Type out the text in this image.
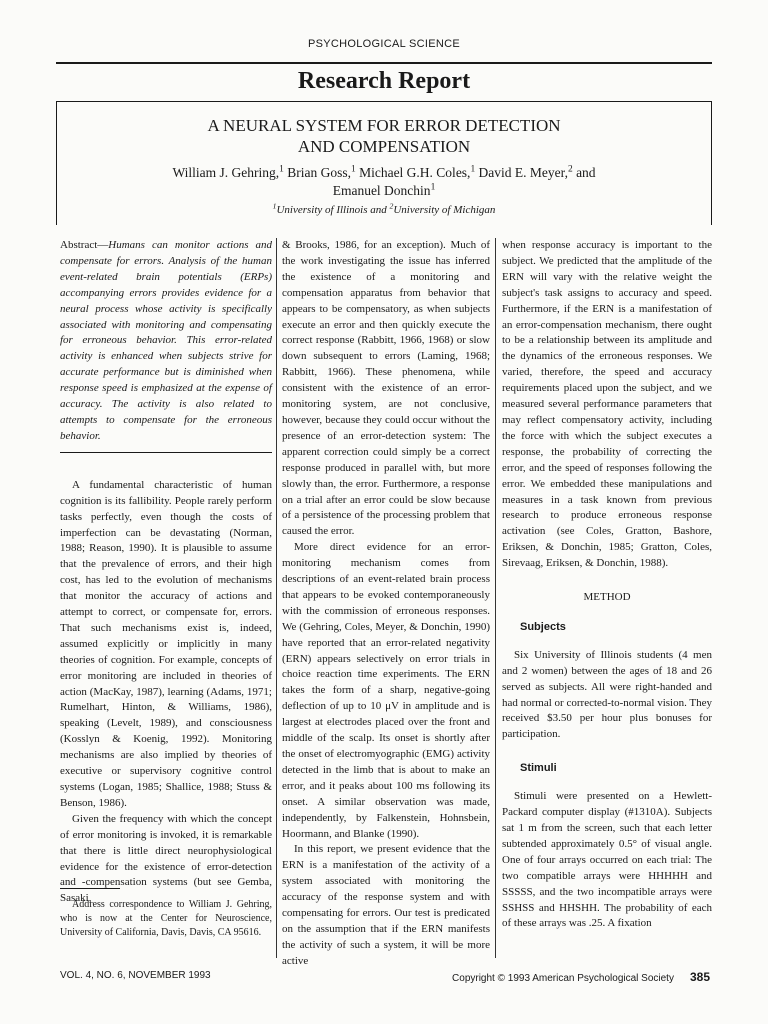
PSYCHOLOGICAL SCIENCE
Research Report
A NEURAL SYSTEM FOR ERROR DETECTION
AND COMPENSATION
William J. Gehring,$^1$ Brian Goss,$^1$ Michael G.H. Coles,$^1$ David E. Meyer,$^2$ and
Emanuel Donchin$^1$
$^1$University of Illinois and $^2$University of Michigan

Abstract—Humans can monitor actions and compensate for errors. Analysis of the human event-related brain potentials (ERPs) accompanying errors provides evidence for a neural process whose activity is specifically associated with monitoring and compensating for erroneous behavior. This error-related activity is enhanced when subjects strive for accurate performance but is diminished when response speed is emphasized at the expense of accuracy. The activity is also related to attempts to compensate for the erroneous behavior.

A fundamental characteristic of human cognition is its fallibility. People rarely perform tasks perfectly, even though the costs of imperfection can be devastating (Norman, 1988; Reason, 1990). It is plausible to assume that the prevalence of errors, and their high cost, has led to the evolution of mechanisms that monitor the accuracy of actions and attempt to correct, or compensate for, errors. That such mechanisms exist is, indeed, assumed explicitly or implicitly in many theories of cognition. For example, concepts of error monitoring are included in theories of action (MacKay, 1987), learning (Adams, 1971; Rumelhart, Hinton, & Williams, 1986), speaking (Levelt, 1989), and consciousness (Kosslyn & Koenig, 1992). Monitoring mechanisms are also implied by theories of executive or supervisory cognitive control systems (Logan, 1985; Shallice, 1988; Stuss & Benson, 1986).

Given the frequency with which the concept of error monitoring is invoked, it is remarkable that there is little direct neurophysiological evidence for the existence of error-detection and -compensation systems (but see Gemba, Sasaki,

Address correspondence to William J. Gehring, who is now at the Center for Neuroscience, University of California, Davis, Davis, CA 95616.

& Brooks, 1986, for an exception). Much of the work investigating the issue has inferred the existence of a monitoring and compensation apparatus from behavior that appears to be compensatory, as when subjects execute an error and then quickly execute the correct response (Rabbitt, 1966, 1968) or slow down subsequent to errors (Laming, 1968; Rabbitt, 1966). These phenomena, while consistent with the existence of an error-monitoring system, are not conclusive, however, because they could occur without the presence of an error-detection system: The apparent correction could simply be a correct response produced in parallel with, but more slowly than, the error. Furthermore, a response on a trial after an error could be slow because of a persistence of the processing problem that caused the error.

More direct evidence for an error-monitoring mechanism comes from descriptions of an event-related brain process that appears to be evoked contemporaneously with the commission of erroneous responses. We (Gehring, Coles, Meyer, & Donchin, 1990) have reported that an error-related negativity (ERN) appears selectively on error trials in choice reaction time experiments. The ERN takes the form of a sharp, negative-going deflection of up to 10 μV in amplitude and is largest at electrodes placed over the front and middle of the scalp. Its onset is shortly after the onset of electromyographic (EMG) activity detected in the limb that is about to make an error, and it peaks about 100 ms following its onset. A similar observation was made, independently, by Falkenstein, Hohnsbein, Hoormann, and Blanke (1990).

In this report, we present evidence that the ERN is a manifestation of the activity of a system associated with monitoring the accuracy of the response system and with compensating for errors. Our test is predicated on the assumption that if the ERN manifests the activity of such a system, it will be more active

when response accuracy is important to the subject. We predicted that the amplitude of the ERN will vary with the relative weight the subject's task assigns to accuracy and speed. Furthermore, if the ERN is a manifestation of an error-compensation mechanism, there ought to be a relationship between its amplitude and the dynamics of the erroneous responses. We varied, therefore, the speed and accuracy requirements placed upon the subject, and we measured several performance parameters that may reflect compensatory activity, including the force with which the subject executes a response, the probability of correcting the error, and the speed of responses following the error. We embedded these manipulations and measures in a task known from previous research to produce erroneous response activation (see Coles, Gratton, Bashore, Eriksen, & Donchin, 1985; Gratton, Coles, Sirevaag, Eriksen, & Donchin, 1988).

METHOD

Subjects

Six University of Illinois students (4 men and 2 women) between the ages of 18 and 26 served as subjects. All were right-handed and had normal or corrected-to-normal vision. They received $3.50 per hour plus bonuses for participation.

Stimuli

Stimuli were presented on a Hewlett-Packard computer display (#1310A). Subjects sat 1 m from the screen, such that each letter subtended approximately 0.5° of visual angle. One of four arrays occurred on each trial: The two compatible arrays were HHHHH and SSSSS, and the two incompatible arrays were SSHSS and HHSHH. The probability of each of these arrays was .25. A fixation

VOL. 4, NO. 6, NOVEMBER 1993	Copyright © 1993 American Psychological Society 385
